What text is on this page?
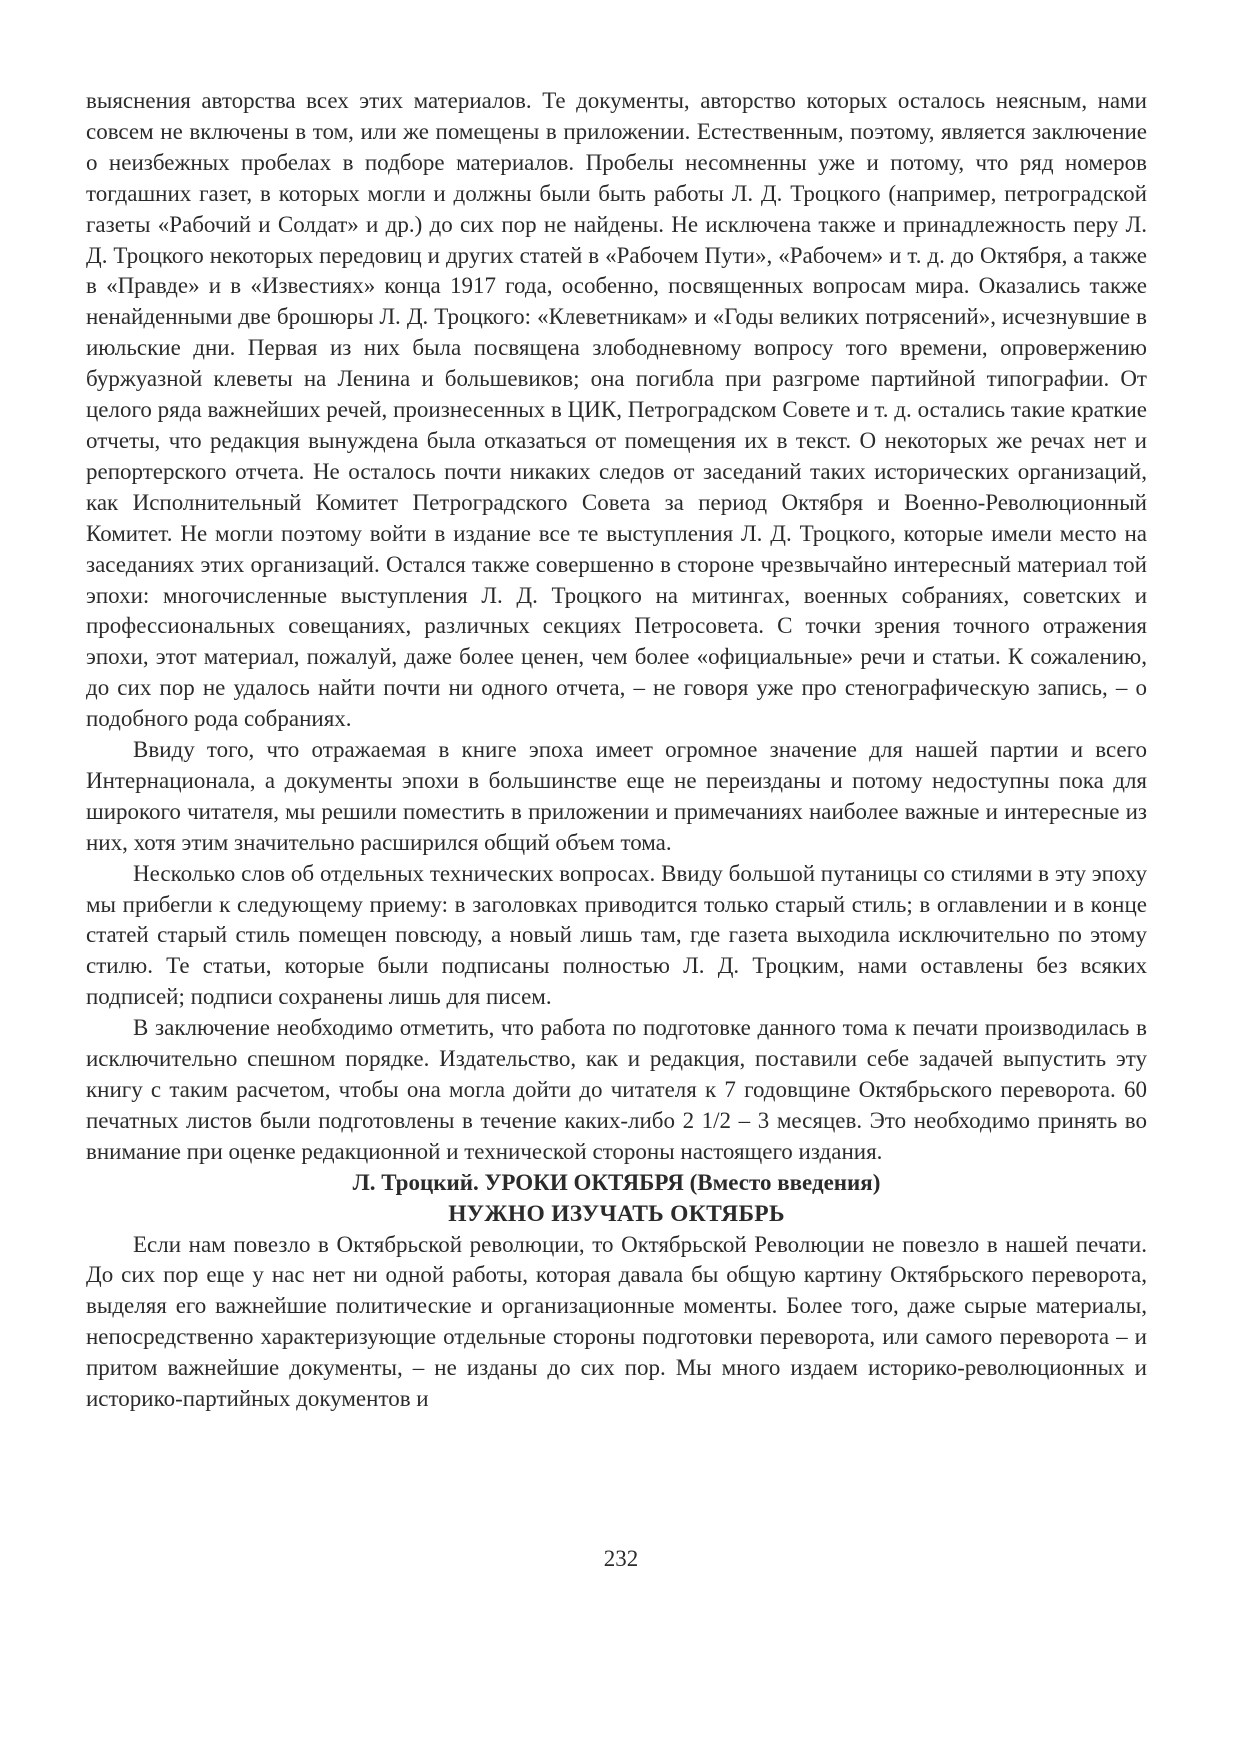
выяснения авторства всех этих материалов. Те документы, авторство которых осталось неясным, нами совсем не включены в том, или же помещены в приложении. Естественным, поэтому, является заключение о неизбежных пробелах в подборе материалов. Пробелы несомненны уже и потому, что ряд номеров тогдашних газет, в которых могли и должны были быть работы Л. Д. Троцкого (например, петроградской газеты «Рабочий и Солдат» и др.) до сих пор не найдены. Не исключена также и принадлежность перу Л. Д. Троцкого некоторых передовиц и других статей в «Рабочем Пути», «Рабочем» и т. д. до Октября, а также в «Правде» и в «Известиях» конца 1917 года, особенно, посвященных вопросам мира. Оказались также ненайденными две брошюры Л. Д. Троцкого: «Клеветникам» и «Годы великих потрясений», исчезнувшие в июльские дни. Первая из них была посвящена злободневному вопросу того времени, опровержению буржуазной клеветы на Ленина и большевиков; она погибла при разгроме партийной типографии. От целого ряда важнейших речей, произнесенных в ЦИК, Петроградском Совете и т. д. остались такие краткие отчеты, что редакция вынуждена была отказаться от помещения их в текст. О некоторых же речах нет и репортерского отчета. Не осталось почти никаких следов от заседаний таких исторических организаций, как Исполнительный Комитет Петроградского Совета за период Октября и Военно-Революционный Комитет. Не могли поэтому войти в издание все те выступления Л. Д. Троцкого, которые имели место на заседаниях этих организаций. Остался также совершенно в стороне чрезвычайно интересный материал той эпохи: многочисленные выступления Л. Д. Троцкого на митингах, военных собраниях, советских и профессиональных совещаниях, различных секциях Петросовета. С точки зрения точного отражения эпохи, этот материал, пожалуй, даже более ценен, чем более «официальные» речи и статьи. К сожалению, до сих пор не удалось найти почти ни одного отчета, – не говоря уже про стенографическую запись, – о подобного рода собраниях.

Ввиду того, что отражаемая в книге эпоха имеет огромное значение для нашей партии и всего Интернационала, а документы эпохи в большинстве еще не переизданы и потому недоступны пока для широкого читателя, мы решили поместить в приложении и примечаниях наиболее важные и интересные из них, хотя этим значительно расширился общий объем тома.

Несколько слов об отдельных технических вопросах. Ввиду большой путаницы со стилями в эту эпоху мы прибегли к следующему приему: в заголовках приводится только старый стиль; в оглавлении и в конце статей старый стиль помещен повсюду, а новый лишь там, где газета выходила исключительно по этому стилю. Те статьи, которые были подписаны полностью Л. Д. Троцким, нами оставлены без всяких подписей; подписи сохранены лишь для писем.

В заключение необходимо отметить, что работа по подготовке данного тома к печати производилась в исключительно спешном порядке. Издательство, как и редакция, поставили себе задачей выпустить эту книгу с таким расчетом, чтобы она могла дойти до читателя к 7 годовщине Октябрьского переворота. 60 печатных листов были подготовлены в течение каких-либо 2 1/2 – 3 месяцев. Это необходимо принять во внимание при оценке редакционной и технической стороны настоящего издания.

Л. Троцкий. УРОКИ ОКТЯБРЯ (Вместо введения)

НУЖНО ИЗУЧАТЬ ОКТЯБРЬ

Если нам повезло в Октябрьской революции, то Октябрьской Революции не повезло в нашей печати. До сих пор еще у нас нет ни одной работы, которая давала бы общую картину Октябрьского переворота, выделяя его важнейшие политические и организационные моменты. Более того, даже сырые материалы, непосредственно характеризующие отдельные стороны подготовки переворота, или самого переворота – и притом важнейшие документы, – не изданы до сих пор. Мы много издаем историко-революционных и историко-партийных документов и

232
